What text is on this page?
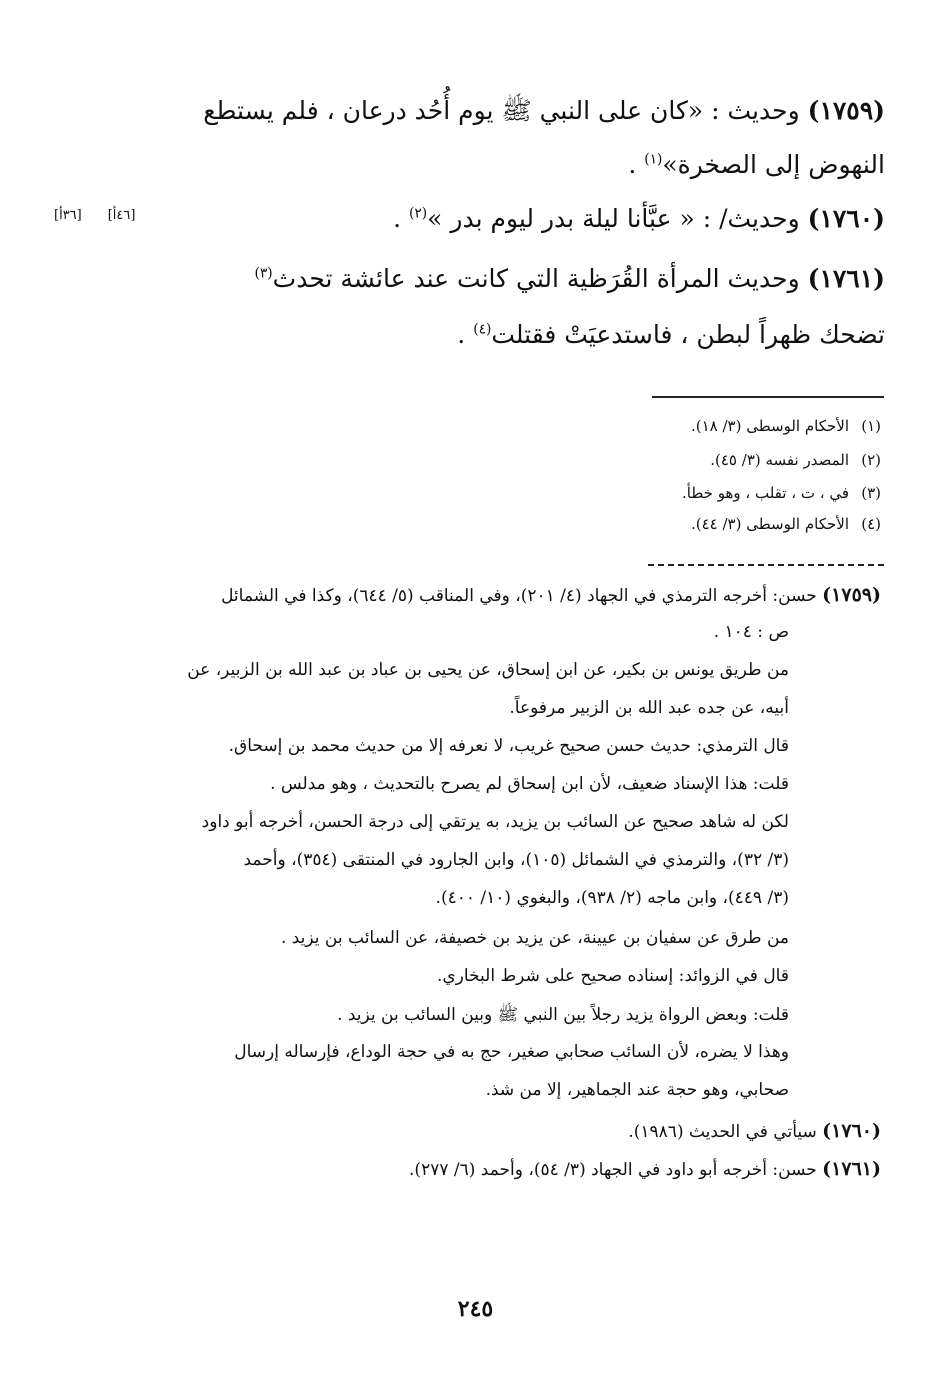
(١٧٥٩) وحديث : «كان على النبي ﷺ يوم أُحُد درعان ، فلم يستطع
النهوض إلى الصخرة»$^{(١)}$ .
[٤٦أ][٣٦أ]	(١٧٦٠) وحديث/ : « عبَّأنا ليلة بدر ليوم بدر »$^{(٢)}$ .
(١٧٦١) وحديث المرأة القُرَظية التي كانت عند عائشة تحدث$^{(٣)}$
تضحك ظهراً لبطن ، فاستدعيَتْ فقتلت$^{(٤)}$ .
(١)الأحكام الوسطى (٣/ ١٨).
(٢)المصدر نفسه (٣/ ٤٥).
(٣)في ، ت ، تقلب ، وهو خطأ.
(٤)الأحكام الوسطى (٣/ ٤٤).
(١٧٥٩) حسن: أخرجه الترمذي في الجهاد (٤/ ٢٠١)، وفي المناقب (٥/ ٦٤٤)، وكذا في الشمائل
ص : ١٠٤ .
من طريق يونس بن بكير، عن ابن إسحاق، عن يحيى بن عباد بن عبد الله بن الزبير، عن
أبيه، عن جده عبد الله بن الزبير مرفوعاً.
قال الترمذي: حديث حسن صحيح غريب، لا نعرفه إلا من حديث محمد بن إسحاق.
قلت: هذا الإسناد ضعيف، لأن ابن إسحاق لم يصرح بالتحديث ، وهو مدلس .
لكن له شاهد صحيح عن السائب بن يزيد، به يرتقي إلى درجة الحسن، أخرجه أبو داود
(٣/ ٣٢)، والترمذي في الشمائل (١٠٥)، وابن الجارود في المنتقى (٣٥٤)، وأحمد
(٣/ ٤٤٩)، وابن ماجه (٢/ ٩٣٨)، والبغوي (١٠/ ٤٠٠).
من طرق عن سفيان بن عيينة، عن يزيد بن خصيفة، عن السائب بن يزيد .
قال في الزوائد: إسناده صحيح على شرط البخاري.
قلت: وبعض الرواة يزيد رجلاً بين النبي ﷺ وبين السائب بن يزيد .
وهذا لا يضره، لأن السائب صحابي صغير، حج به في حجة الوداع، فإرساله إرسال
صحابي، وهو حجة عند الجماهير، إلا من شذ.
(١٧٦٠) سيأتي في الحديث (١٩٨٦).
(١٧٦١) حسن: أخرجه أبو داود في الجهاد (٣/ ٥٤)، وأحمد (٦/ ٢٧٧).
٢٤٥
